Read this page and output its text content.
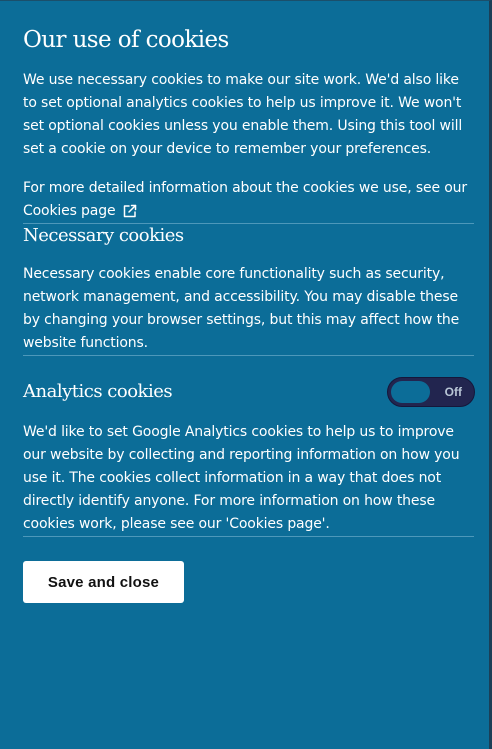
Our use of cookies

We use necessary cookies to make our site work. We'd also like to set optional analytics cookies to help us improve it. We won't set optional cookies unless you enable them. Using this tool will set a cookie on your device to remember your preferences.

For more detailed information about the cookies we use, see our
Cookies page

Necessary cookies

Necessary cookies enable core functionality such as security, network management, and accessibility. You may disable these by changing your browser settings, but this may affect how the website functions.

Analytics cookies	Off

We'd like to set Google Analytics cookies to help us to improve our website by collecting and reporting information on how you use it. The cookies collect information in a way that does not directly identify anyone. For more information on how these cookies work, please see our 'Cookies page'.

Save and close
